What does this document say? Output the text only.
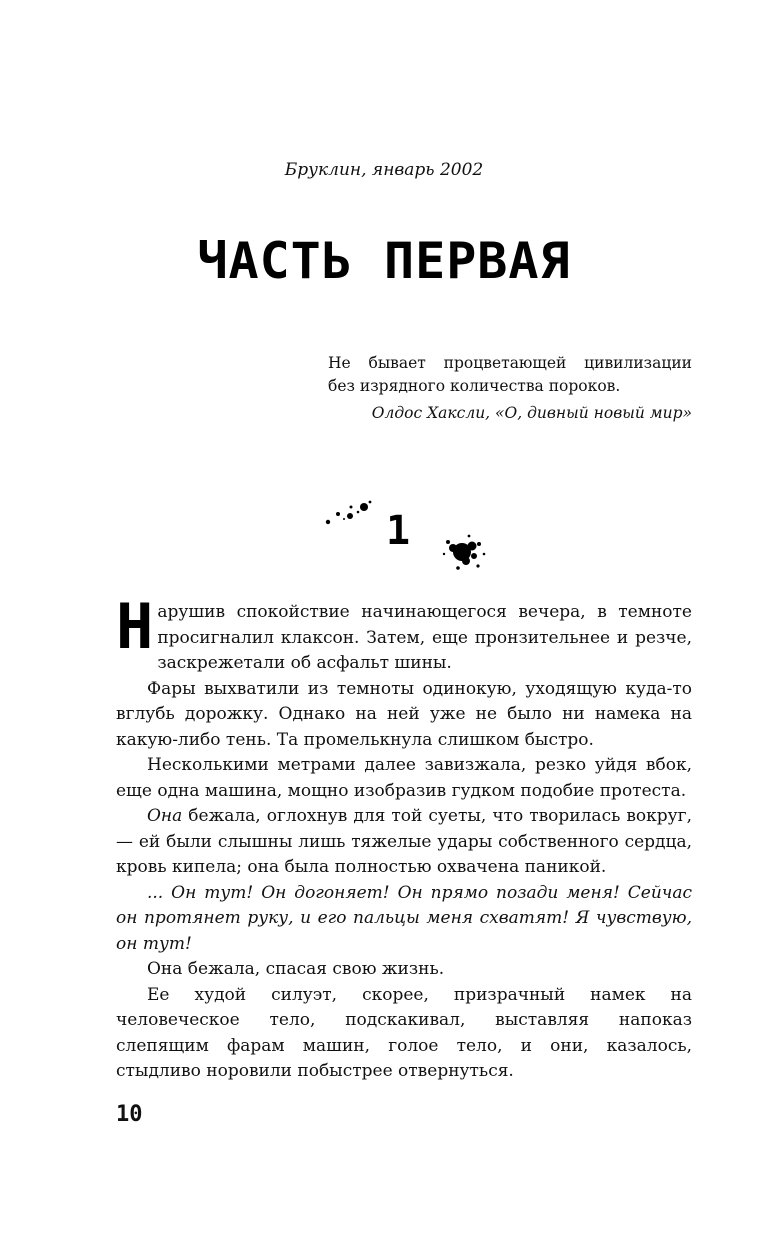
Бруклин, январь 2002
ЧАСТЬ ПЕРВАЯ
Не бывает процветающей цивилизации
без изрядного количества пороков.
Олдос Хаксли, «О, дивный новый мир»
1

Нарушив спокойствие начинающегося вечера, в темноте просигналил клаксон. Затем, еще пронзительнее и резче, заскрежетали об асфальт шины.

Фары выхватили из темноты одинокую, уходящую куда-то вглубь дорожку. Однако на ней уже не было ни намека на какую-либо тень. Та промелькнула слишком быстро.

Несколькими метрами далее завизжала, резко уйдя вбок, еще одна машина, мощно изобразив гудком подобие протеста.

Она бежала, оглохнув для той суеты, что творилась вокруг, — ей были слышны лишь тяжелые удары собственного сердца, кровь кипела; она была полностью охвачена паникой.

... Он тут! Он догоняет! Он прямо позади меня! Сейчас он протянет руку, и его пальцы меня схватят! Я чувствую, он тут!

Она бежала, спасая свою жизнь.

Ее худой силуэт, скорее, призрачный намек на человеческое тело, подскакивал, выставляя напоказ слепящим фарам машин, голое тело, и они, казалось, стыдливо норовили побыстрее отвернуться.

10
